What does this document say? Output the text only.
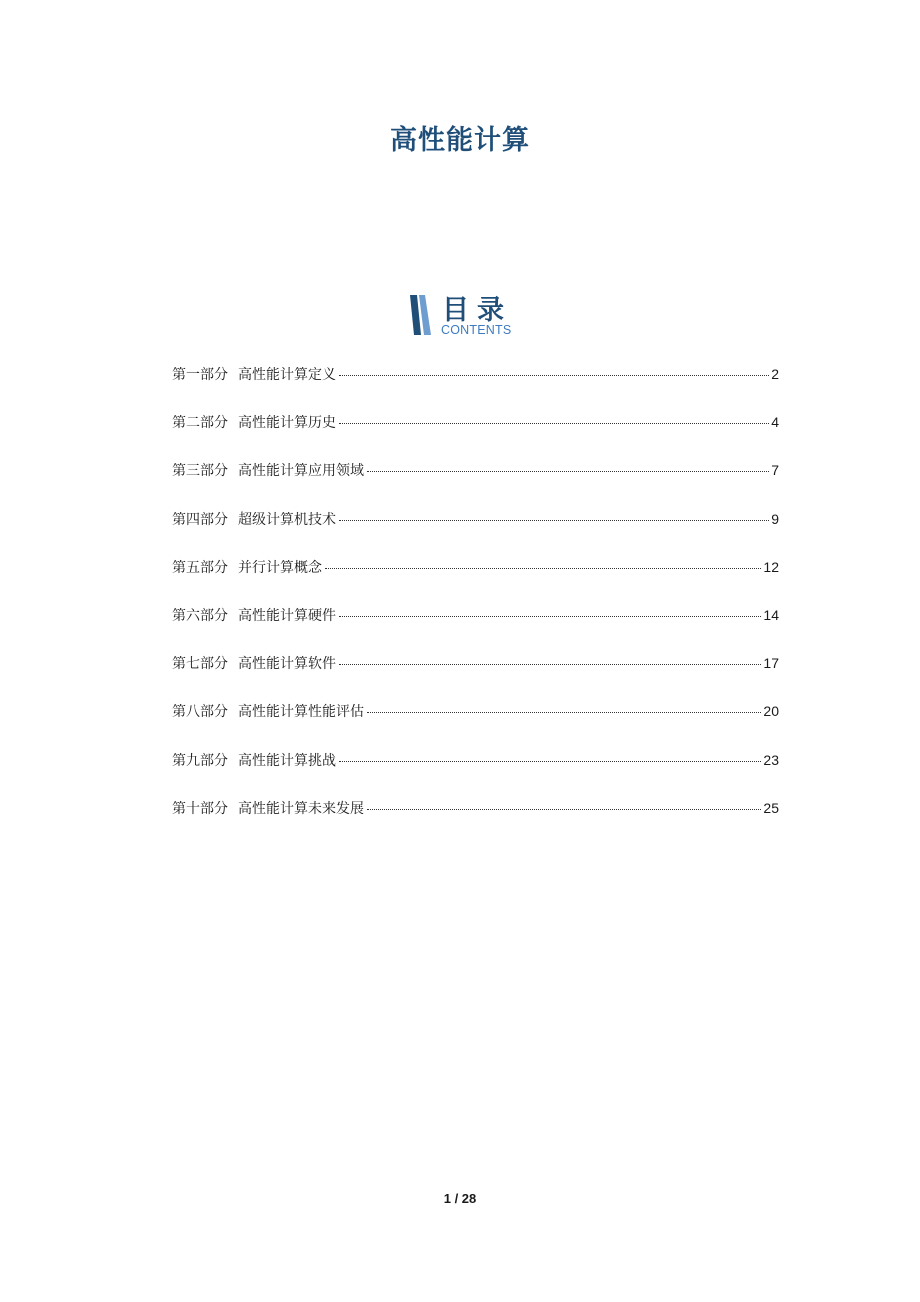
高性能计算
目录
CONTENTS
第一部分 高性能计算定义	2
第二部分 高性能计算历史	4
第三部分 高性能计算应用领域	7
第四部分 超级计算机技术	9
第五部分 并行计算概念	12
第六部分 高性能计算硬件	14
第七部分 高性能计算软件	17
第八部分 高性能计算性能评估	20
第九部分 高性能计算挑战	23
第十部分 高性能计算未来发展	25
1 / 28
